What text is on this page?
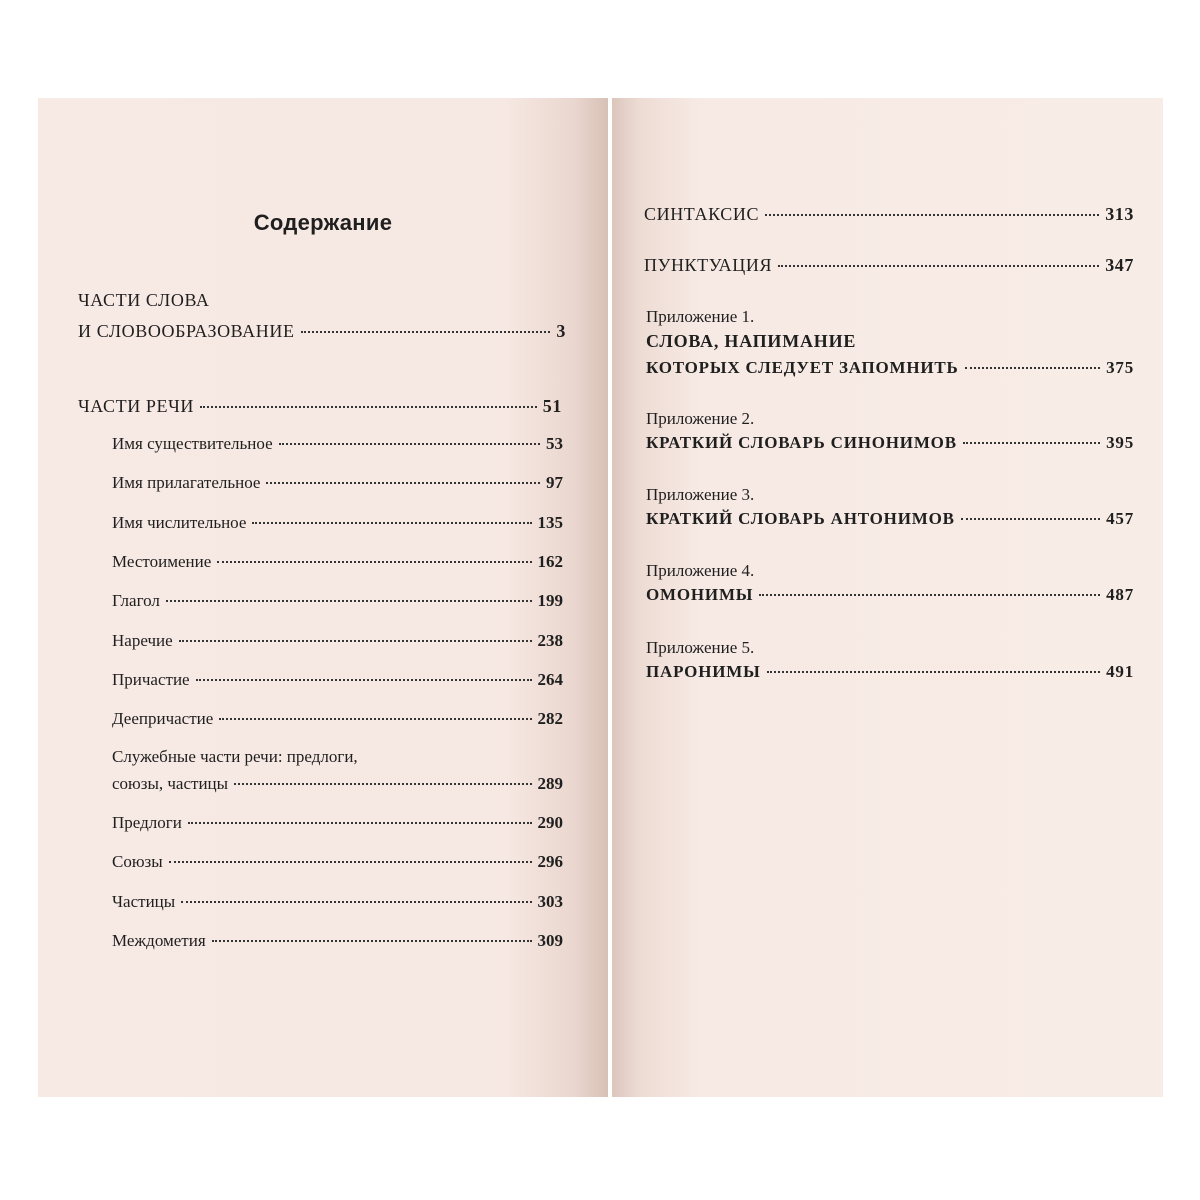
Содержание
ЧАСТИ СЛОВА
И СЛОВООБРАЗОВАНИЕ	3
ЧАСТИ РЕЧИ	51
Имя существительное	53
Имя прилагательное	97
Имя числительное	135
Местоимение	162
Глагол	199
Наречие	238
Причастие	264
Деепричастие	282
Служебные части речи: предлоги,
союзы, частицы	289
Предлоги	290
Союзы	296
Частицы	303
Междометия	309
СИНТАКСИС	313
ПУНКТУАЦИЯ	347
Приложение 1.
СЛОВА, НАПИМАНИЕ
КОТОРЫХ СЛЕДУЕТ ЗАПОМНИТЬ	375
Приложение 2.
КРАТКИЙ СЛОВАРЬ СИНОНИМОВ	395
Приложение 3.
КРАТКИЙ СЛОВАРЬ АНТОНИМОВ	457
Приложение 4.
ОМОНИМЫ	487
Приложение 5.
ПАРОНИМЫ	491
